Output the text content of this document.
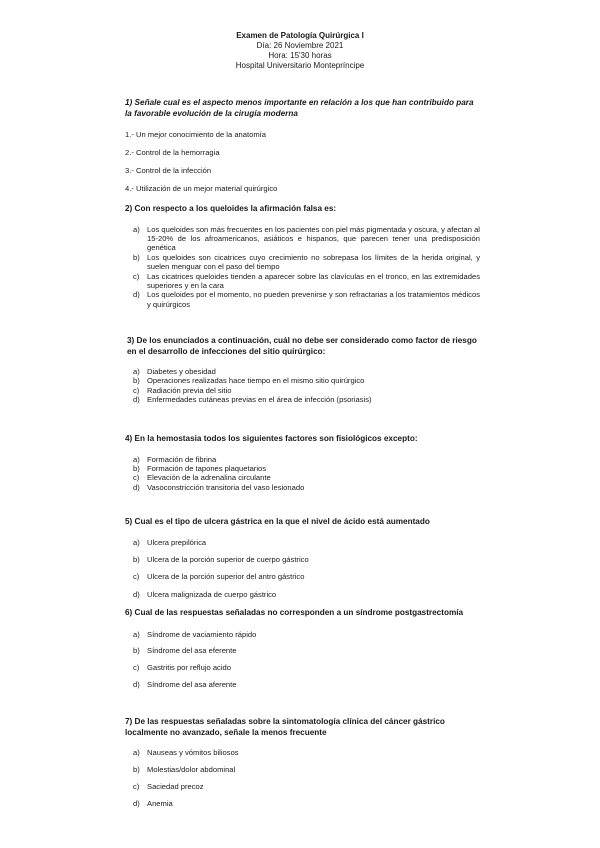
Examen de Patología Quirúrgica I
Día: 26 Noviembre 2021
Hora: 15'30 horas
Hospital Universitario Montepríncipe
1) Señale cual es el aspecto menos importante en relación a los que han contribuido para la favorable evolución de la cirugía moderna
1.- Un mejor conocimiento de la anatomía
2.- Control de la hemorragia
3.- Control de la infección
4.- Utilización de un mejor material quirúrgico
2) Con respecto a los queloides la afirmación falsa es:
a) Los queloides son más frecuentes en los pacientes con piel más pigmentada y oscura, y afectan al 15-20% de los afroamericanos, asiáticos e hispanos, que parecen tener una predisposición genética
b) Los queloides son cicatrices cuyo crecimiento no sobrepasa los límites de la herida original, y suelen menguar con el paso del tiempo
c) Las cicatrices queloides tienden a aparecer sobre las clavículas en el tronco, en las extremidades superiores y en la cara
d) Los queloides por el momento, no pueden prevenirse y son refractarias a los tratamientos médicos y quirúrgicos
3) De los enunciados a continuación, cuál no debe ser considerado como factor de riesgo en el desarrollo de infecciones del sitio quirúrgico:
a) Diabetes y obesidad
b) Operaciones realizadas hace tiempo en el mismo sitio quirúrgico
c) Radiación previa del sitio
d) Enfermedades cutáneas previas en el área de infección (psoriasis)
4) En la hemostasia todos los siguientes factores son fisiológicos excepto:
a) Formación de fibrina
b) Formación de tapones plaquetarios
c) Elevación de la adrenalina circulante
d) Vasoconstricción transitoria del vaso lesionado
5) Cual es el tipo de ulcera gástrica en la que el nivel de ácido está aumentado
a) Ulcera prepilórica
b) Ulcera de la porción superior de cuerpo gástrico
c) Ulcera de la porción superior del antro gástrico
d) Ulcera malignizada de cuerpo gástrico
6) Cual de las respuestas señaladas no corresponden a un síndrome postgastrectomía
a) Síndrome de vaciamiento rápido
b) Síndrome del asa eferente
c) Gastritis por reflujo acido
d) Síndrome del asa aferente
7) De las respuestas señaladas sobre la sintomatología clínica del cáncer gástrico localmente no avanzado, señale la menos frecuente
a) Nauseas y vómitos biliosos
b) Molestias/dolor abdominal
c) Saciedad precoz
d) Anemia
